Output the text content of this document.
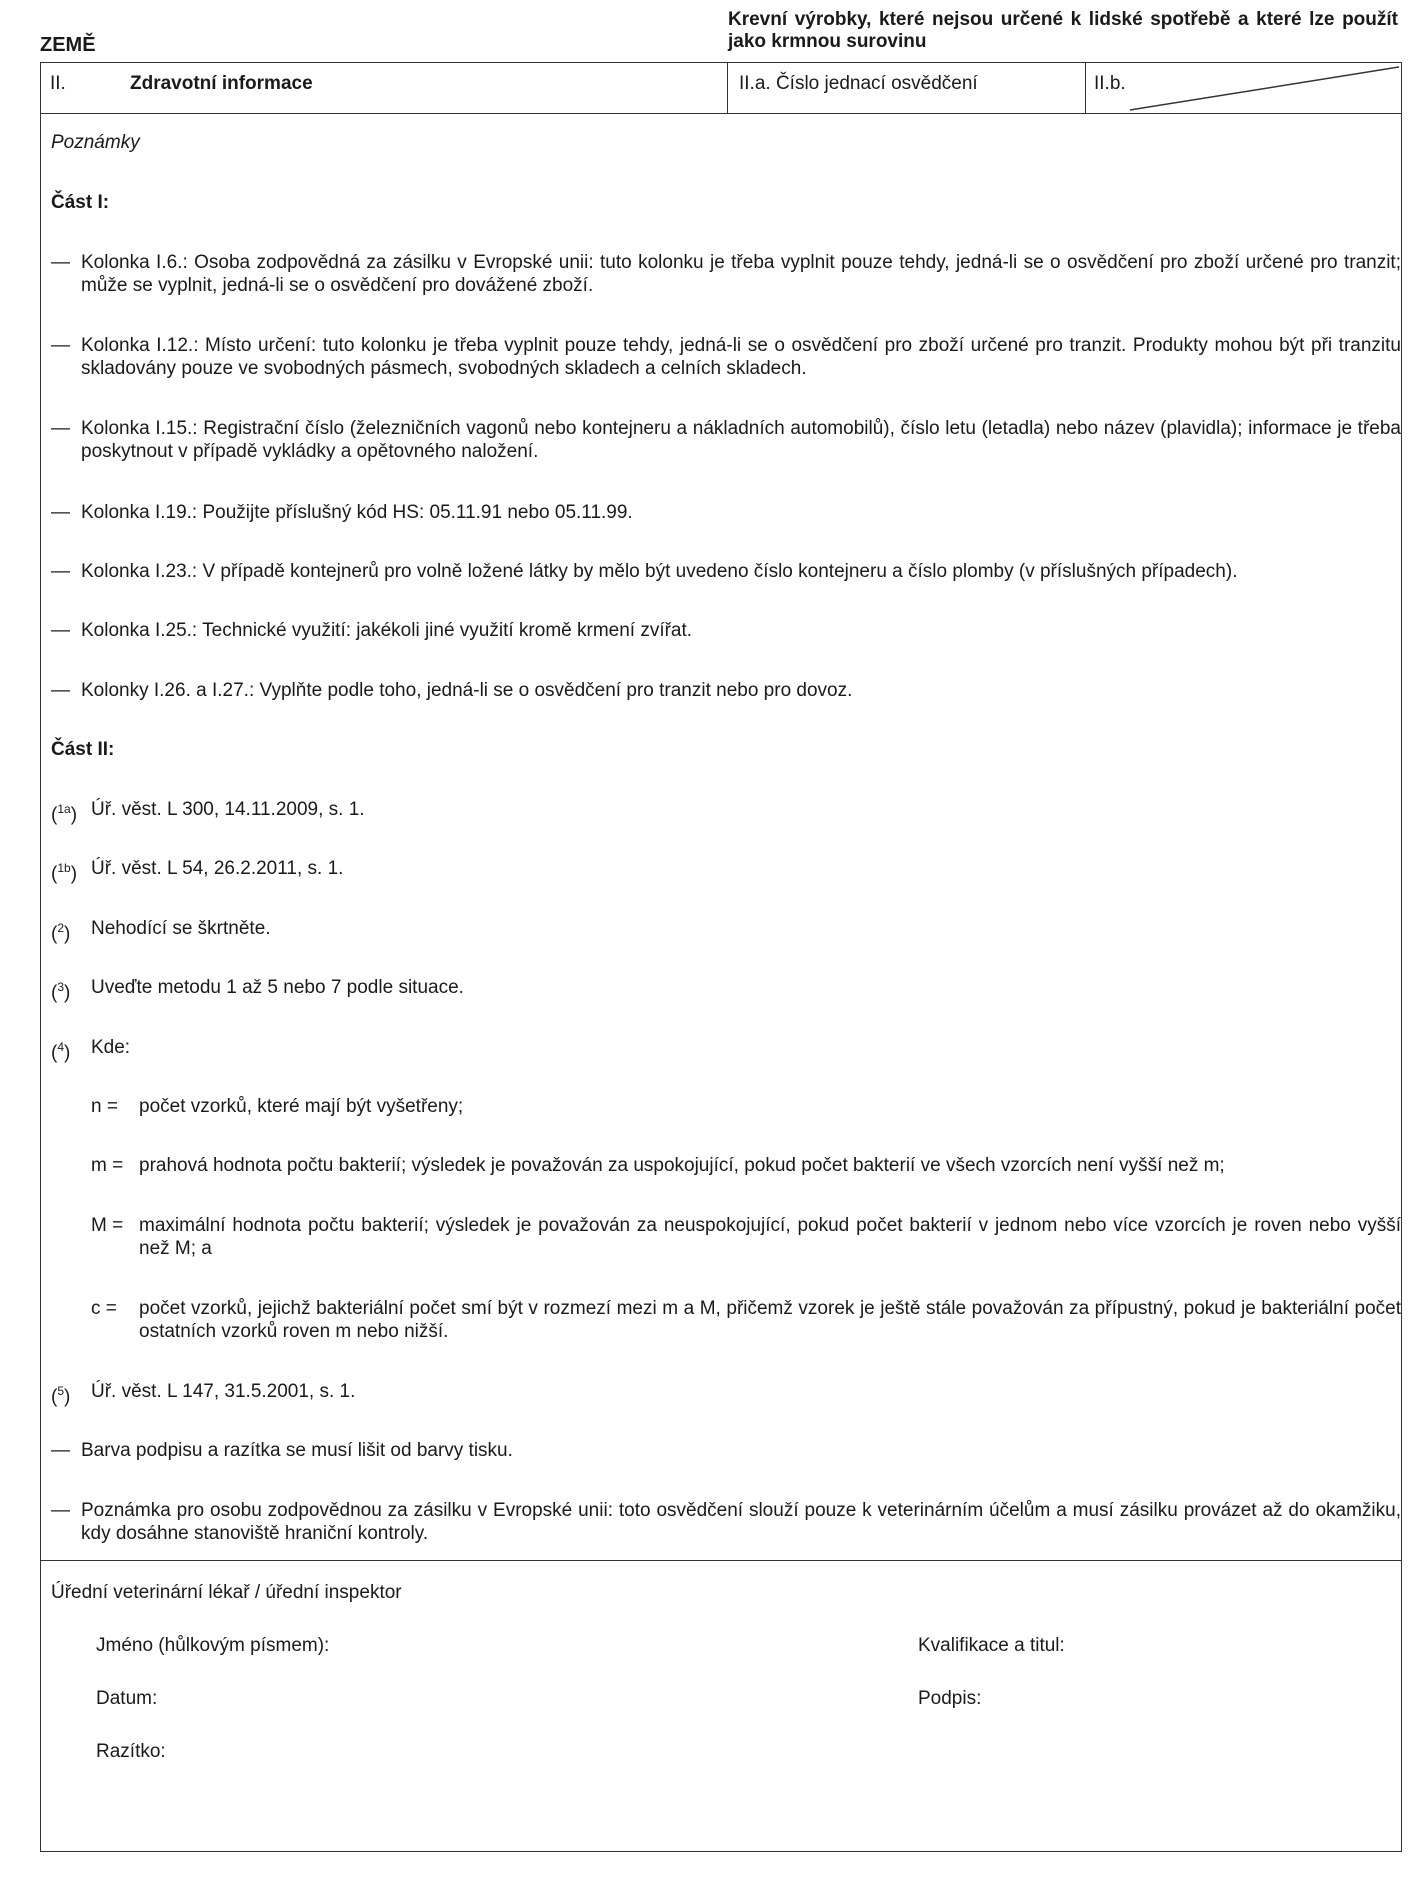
ZEMĚ
Krevní výrobky, které nejsou určené k lidské spotřebě a které lze použít jako krmnou surovinu
II.	Zdravotní informace	II.a. Číslo jednací osvědčení	II.b.
Poznámky
Část I:
— Kolonka I.6.: Osoba zodpovědná za zásilku v Evropské unii: tuto kolonku je třeba vyplnit pouze tehdy, jedná-li se o osvědčení pro zboží určené pro tranzit; může se vyplnit, jedná-li se o osvědčení pro dovážené zboží.
— Kolonka I.12.: Místo určení: tuto kolonku je třeba vyplnit pouze tehdy, jedná-li se o osvědčení pro zboží určené pro tranzit. Produkty mohou být při tranzitu skladovány pouze ve svobodných pásmech, svobodných skladech a celních skladech.
— Kolonka I.15.: Registrační číslo (železničních vagonů nebo kontejneru a nákladních automobilů), číslo letu (letadla) nebo název (plavidla); informace je třeba poskytnout v případě vykládky a opětovného naložení.
— Kolonka I.19.: Použijte příslušný kód HS: 05.11.91 nebo 05.11.99.
— Kolonka I.23.: V případě kontejnerů pro volně ložené látky by mělo být uvedeno číslo kontejneru a číslo plomby (v příslušných případech).
— Kolonka I.25.: Technické využití: jakékoli jiné využití kromě krmení zvířat.
— Kolonky I.26. a I.27.: Vyplňte podle toho, jedná-li se o osvědčení pro tranzit nebo pro dovoz.
Část II:
($^{1a}$) Úř. věst. L 300, 14.11.2009, s. 1.
($^{1b}$) Úř. věst. L 54, 26.2.2011, s. 1.
($^2$) Nehodící se škrtněte.
($^3$) Uveďte metodu 1 až 5 nebo 7 podle situace.
($^4$) Kde:
n = počet vzorků, které mají být vyšetřeny;
m = prahová hodnota počtu bakterií; výsledek je považován za uspokojující, pokud počet bakterií ve všech vzorcích není vyšší než m;
M = maximální hodnota počtu bakterií; výsledek je považován za neuspokojující, pokud počet bakterií v jednom nebo více vzorcích je roven nebo vyšší než M; a
c = počet vzorků, jejichž bakteriální počet smí být v rozmezí mezi m a M, přičemž vzorek je ještě stále považován za přípustný, pokud je bakteriální počet ostatních vzorků roven m nebo nižší.
($^5$) Úř. věst. L 147, 31.5.2001, s. 1.
— Barva podpisu a razítka se musí lišit od barvy tisku.
— Poznámka pro osobu zodpovědnou za zásilku v Evropské unii: toto osvědčení slouží pouze k veterinárním účelům a musí zásilku provázet až do okamžiku, kdy dosáhne stanoviště hraniční kontroly.
Úřední veterinární lékař / úřední inspektor
Jméno (hůlkovým písmem):	Kvalifikace a titul:
Datum:	Podpis:
Razítko:
